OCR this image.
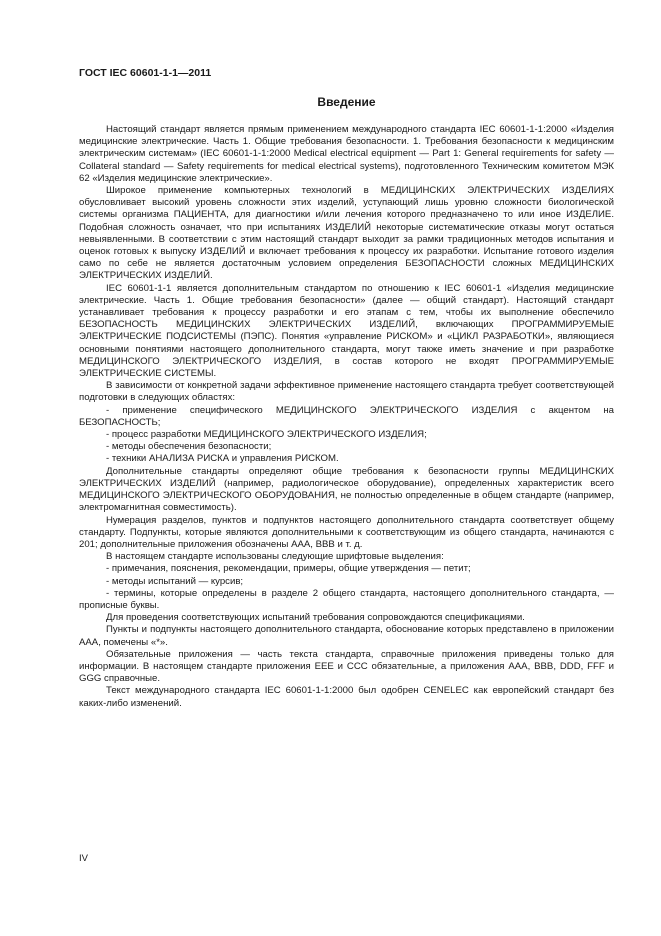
ГОСТ IEC 60601-1-1—2011

Введение

Настоящий стандарт является прямым применением международного стандарта IEC 60601-1-1:2000 «Изделия медицинские электрические. Часть 1. Общие требования безопасности. 1. Требования безопасности к медицинским электрическим системам» (IEC 60601-1-1:2000 Medical electrical equipment — Part 1: General requirements for safety — Collateral standard — Safety requirements for medical electrical systems), подготовленного Техническим комитетом МЭК 62 «Изделия медицинские электрические».

Широкое применение компьютерных технологий в МЕДИЦИНСКИХ ЭЛЕКТРИЧЕСКИХ ИЗДЕЛИЯХ обусловливает высокий уровень сложности этих изделий, уступающий лишь уровню сложности биологической системы организма ПАЦИЕНТА, для диагностики и/или лечения которого предназначено то или иное ИЗДЕЛИЕ. Подобная сложность означает, что при испытаниях ИЗДЕЛИЙ некоторые систематические отказы могут остаться невыявленными. В соответствии с этим настоящий стандарт выходит за рамки традиционных методов испытания и оценок готовых к выпуску ИЗДЕЛИЙ и включает требования к процессу их разработки. Испытание готового изделия само по себе не является достаточным условием определения БЕЗОПАСНОСТИ сложных МЕДИЦИНСКИХ ЭЛЕКТРИЧЕСКИХ ИЗДЕЛИЙ.

IEC 60601-1-1 является дополнительным стандартом по отношению к IEC 60601-1 «Изделия медицинские электрические. Часть 1. Общие требования безопасности» (далее — общий стандарт). Настоящий стандарт устанавливает требования к процессу разработки и его этапам с тем, чтобы их выполнение обеспечило БЕЗОПАСНОСТЬ МЕДИЦИНСКИХ ЭЛЕКТРИЧЕСКИХ ИЗДЕЛИЙ, включающих ПРОГРАММИРУЕМЫЕ ЭЛЕКТРИЧЕСКИЕ ПОДСИСТЕМЫ (ПЭПС). Понятия «управление РИСКОМ» и «ЦИКЛ РАЗРАБОТКИ», являющиеся основными понятиями настоящего дополнительного стандарта, могут также иметь значение и при разработке МЕДИЦИНСКОГО ЭЛЕКТРИЧЕСКОГО ИЗДЕЛИЯ, в состав которого не входят ПРОГРАММИРУЕМЫЕ ЭЛЕКТРИЧЕСКИЕ СИСТЕМЫ.

В зависимости от конкретной задачи эффективное применение настоящего стандарта требует соответствующей подготовки в следующих областях:

- применение специфического МЕДИЦИНСКОГО ЭЛЕКТРИЧЕСКОГО ИЗДЕЛИЯ с акцентом на БЕЗОПАСНОСТЬ;

- процесс разработки МЕДИЦИНСКОГО ЭЛЕКТРИЧЕСКОГО ИЗДЕЛИЯ;

- методы обеспечения безопасности;

- техники АНАЛИЗА РИСКА и управления РИСКОМ.

Дополнительные стандарты определяют общие требования к безопасности группы МЕДИЦИНСКИХ ЭЛЕКТРИЧЕСКИХ ИЗДЕЛИЙ (например, радиологическое оборудование), определенных характеристик всего МЕДИЦИНСКОГО ЭЛЕКТРИЧЕСКОГО ОБОРУДОВАНИЯ, не полностью определенные в общем стандарте (например, электромагнитная совместимость).

Нумерация разделов, пунктов и подпунктов настоящего дополнительного стандарта соответствует общему стандарту. Подпункты, которые являются дополнительными к соответствующим из общего стандарта, начинаются с 201; дополнительные приложения обозначены ААА, ВВВ и т. д.

В настоящем стандарте использованы следующие шрифтовые выделения:

- примечания, пояснения, рекомендации, примеры, общие утверждения — петит;

- методы испытаний — курсив;

- термины, которые определены в разделе 2 общего стандарта, настоящего дополнительного стандарта, — прописные буквы.

Для проведения соответствующих испытаний требования сопровождаются спецификациями.

Пункты и подпункты настоящего дополнительного стандарта, обоснование которых представлено в приложении ААА, помечены «*».

Обязательные приложения — часть текста стандарта, справочные приложения приведены только для информации. В настоящем стандарте приложения ЕЕЕ и ССС обязательные, а приложения ААА, ВВВ, DDD, FFF и GGG справочные.

Текст международного стандарта IEC 60601-1-1:2000 был одобрен CENELEC как европейский стандарт без каких-либо изменений.

IV
